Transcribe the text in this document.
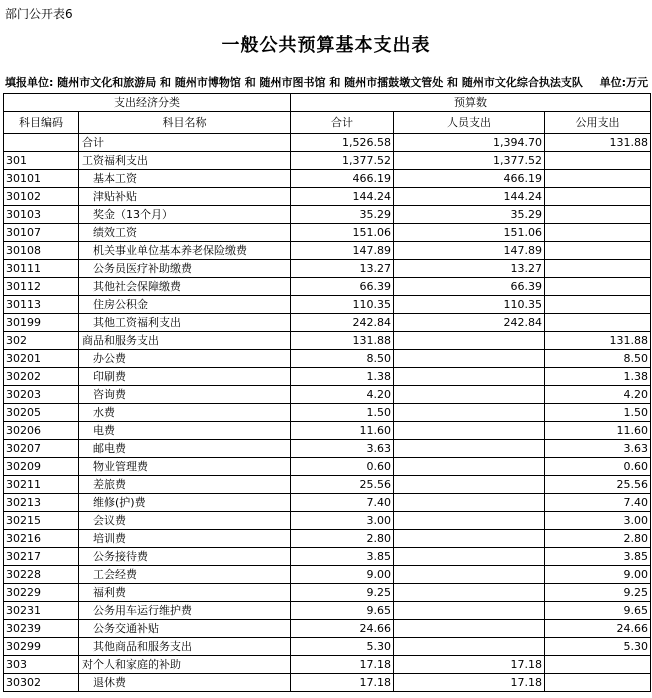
部门公开表6
一般公共预算基本支出表
填报单位: 随州市文化和旅游局 和 随州市博物馆 和 随州市图书馆 和 随州市擂鼓墩文管处 和 随州市文化综合执法支队 单位:万元
支出经济分类		预算数		
科目编码	科目名称	合计	人员支出	公用支出
	合计	1,526.58	1,394.70	131.88
301	工资福利支出	1,377.52	1,377.52	
30101	基本工资	466.19	466.19	
30102	津贴补贴	144.24	144.24	
30103	奖金（13个月）	35.29	35.29	
30107	绩效工资	151.06	151.06	
30108	机关事业单位基本养老保险缴费	147.89	147.89	
30111	公务员医疗补助缴费	13.27	13.27	
30112	其他社会保障缴费	66.39	66.39	
30113	住房公积金	110.35	110.35	
30199	其他工资福利支出	242.84	242.84	
302	商品和服务支出	131.88		131.88
30201	办公费	8.50		8.50
30202	印刷费	1.38		1.38
30203	咨询费	4.20		4.20
30205	水费	1.50		1.50
30206	电费	11.60		11.60
30207	邮电费	3.63		3.63
30209	物业管理费	0.60		0.60
30211	差旅费	25.56		25.56
30213	维修(护)费	7.40		7.40
30215	会议费	3.00		3.00
30216	培训费	2.80		2.80
30217	公务接待费	3.85		3.85
30228	工会经费	9.00		9.00
30229	福利费	9.25		9.25
30231	公务用车运行维护费	9.65		9.65
30239	公务交通补贴	24.66		24.66
30299	其他商品和服务支出	5.30		5.30
303	对个人和家庭的补助	17.18	17.18	
30302	退休费	17.18	17.18	
